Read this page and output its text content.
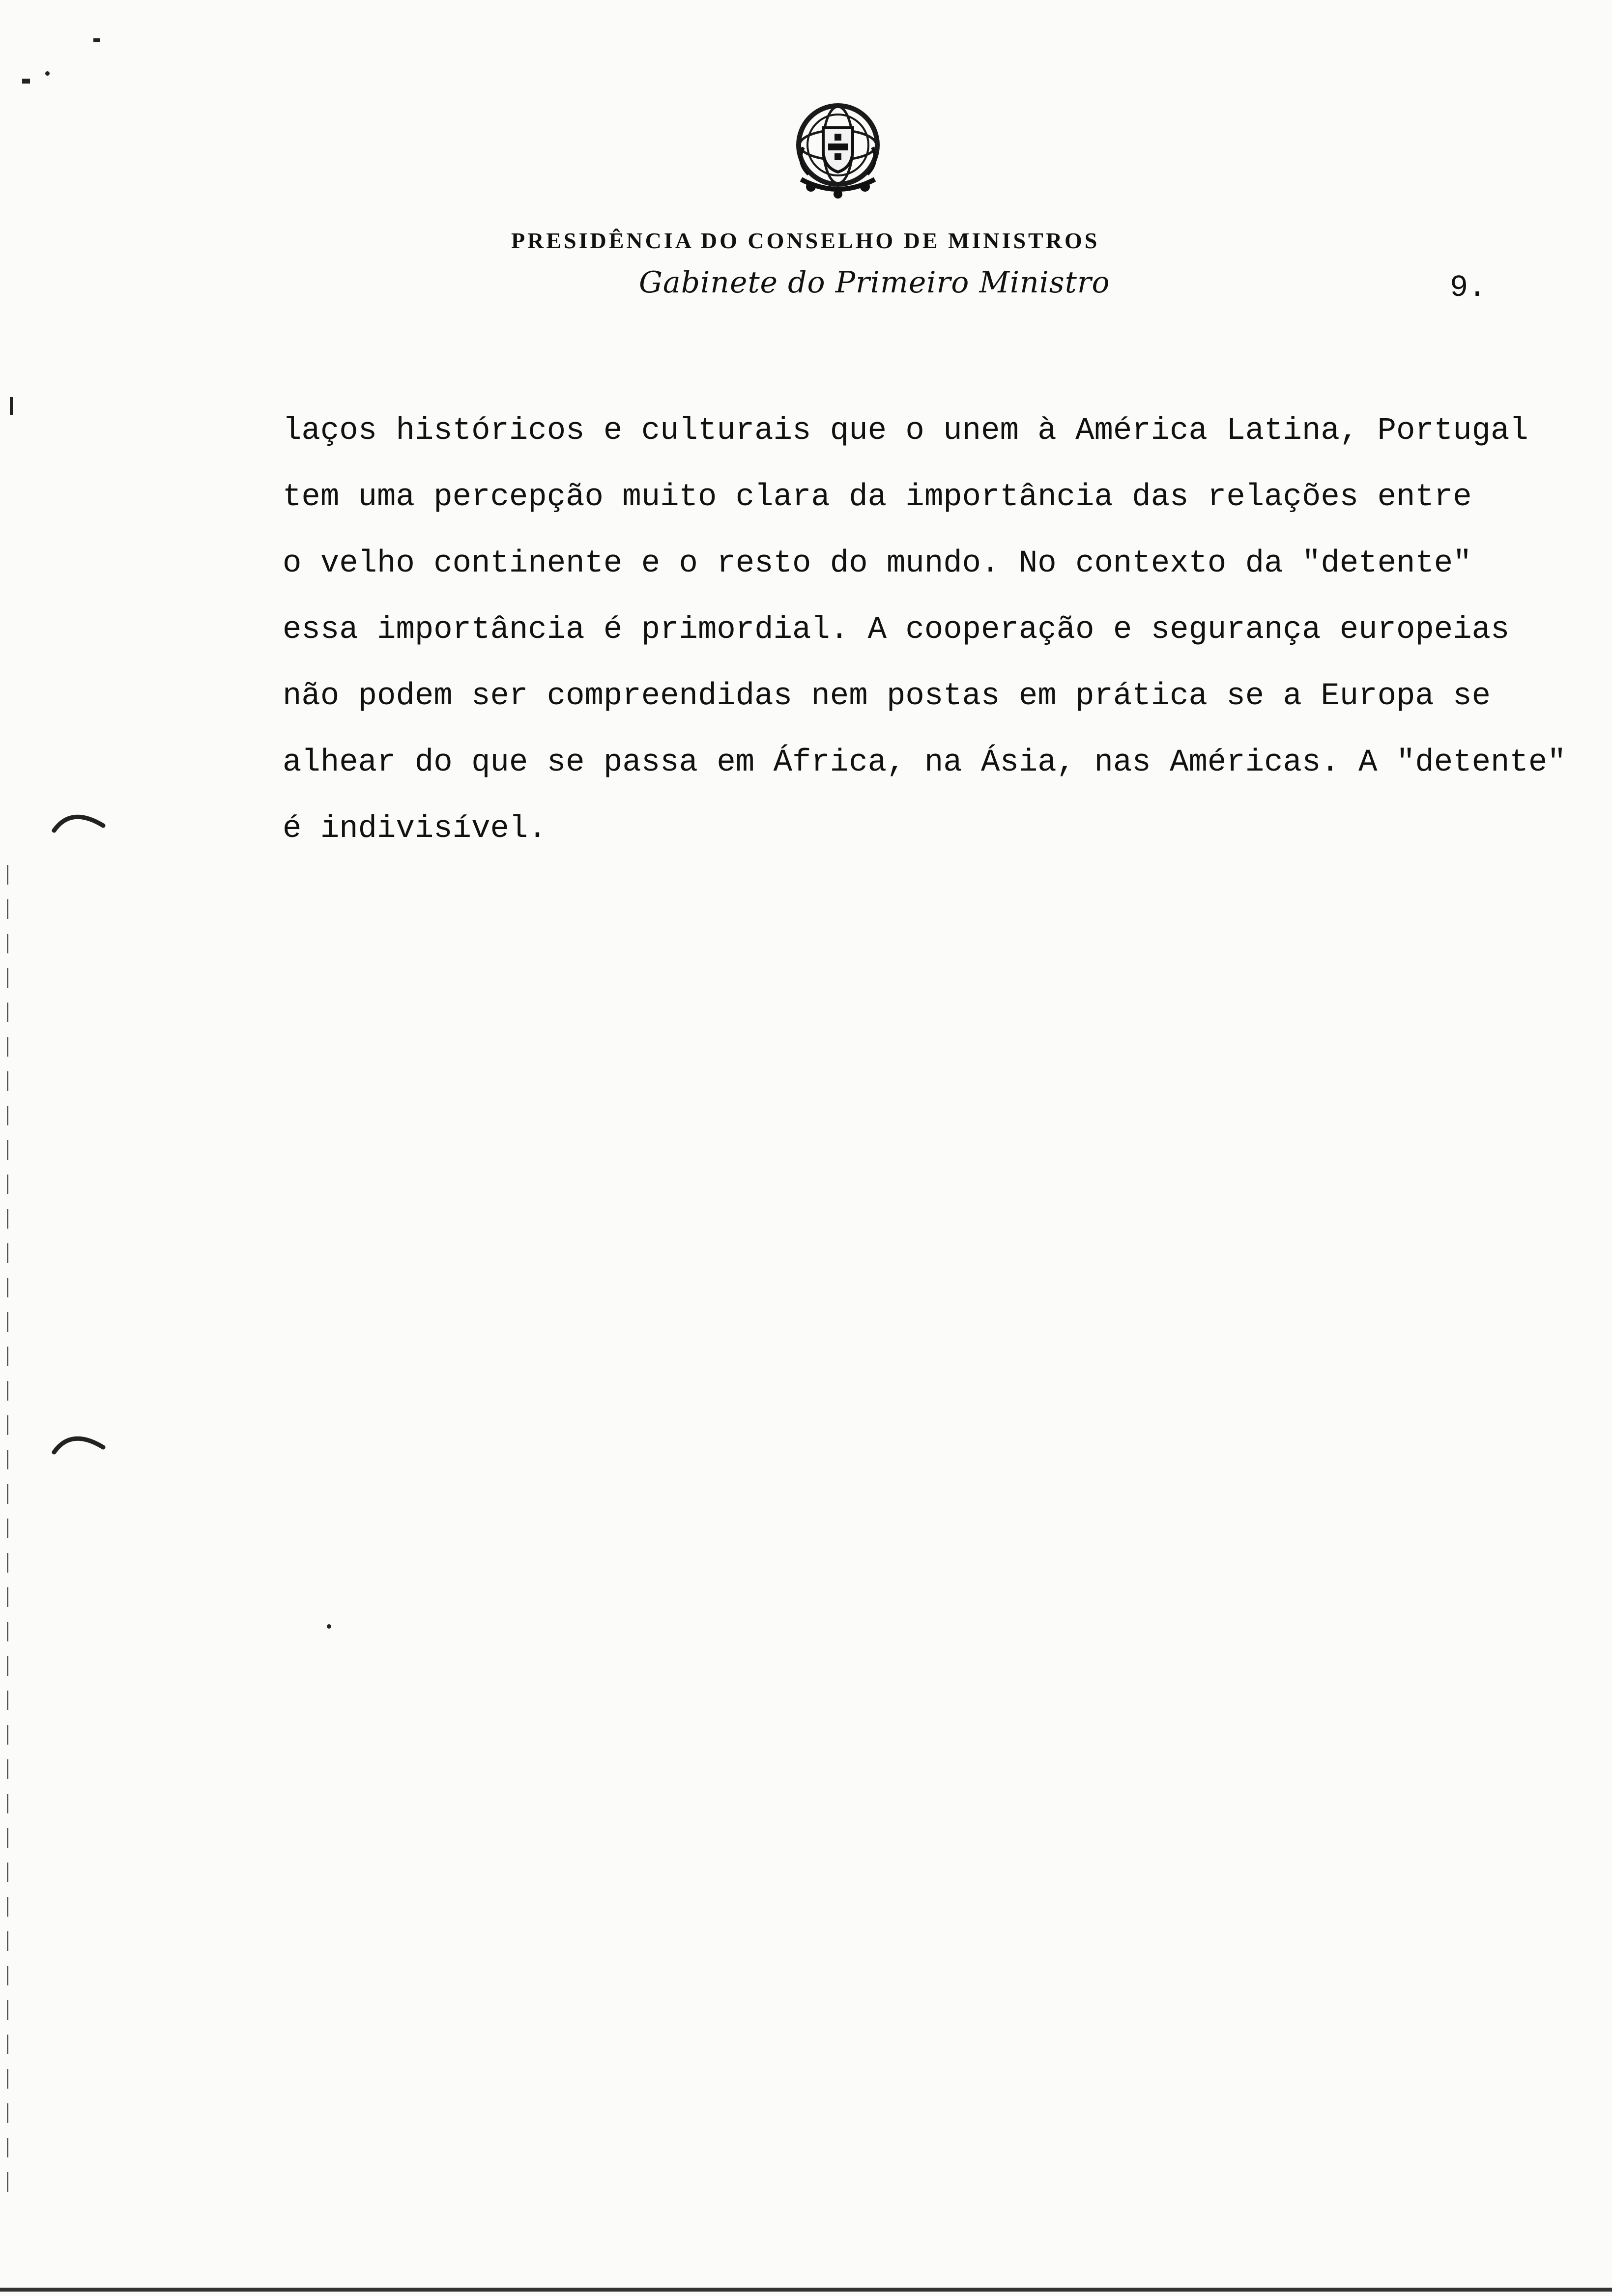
PRESIDÊNCIA DO CONSELHO DE MINISTROS
Gabinete do Primeiro Ministro	9.
laços históricos e culturais que o unem à América Latina, Portugal
tem uma percepção muito clara da importância das relações entre
o velho continente e o resto do mundo. No contexto da "detente"
essa importância é primordial. A cooperação e segurança europeias
não podem ser compreendidas nem postas em prática se a Europa se
alhear do que se passa em África, na Ásia, nas Américas. A "detente"
é indivisível.
